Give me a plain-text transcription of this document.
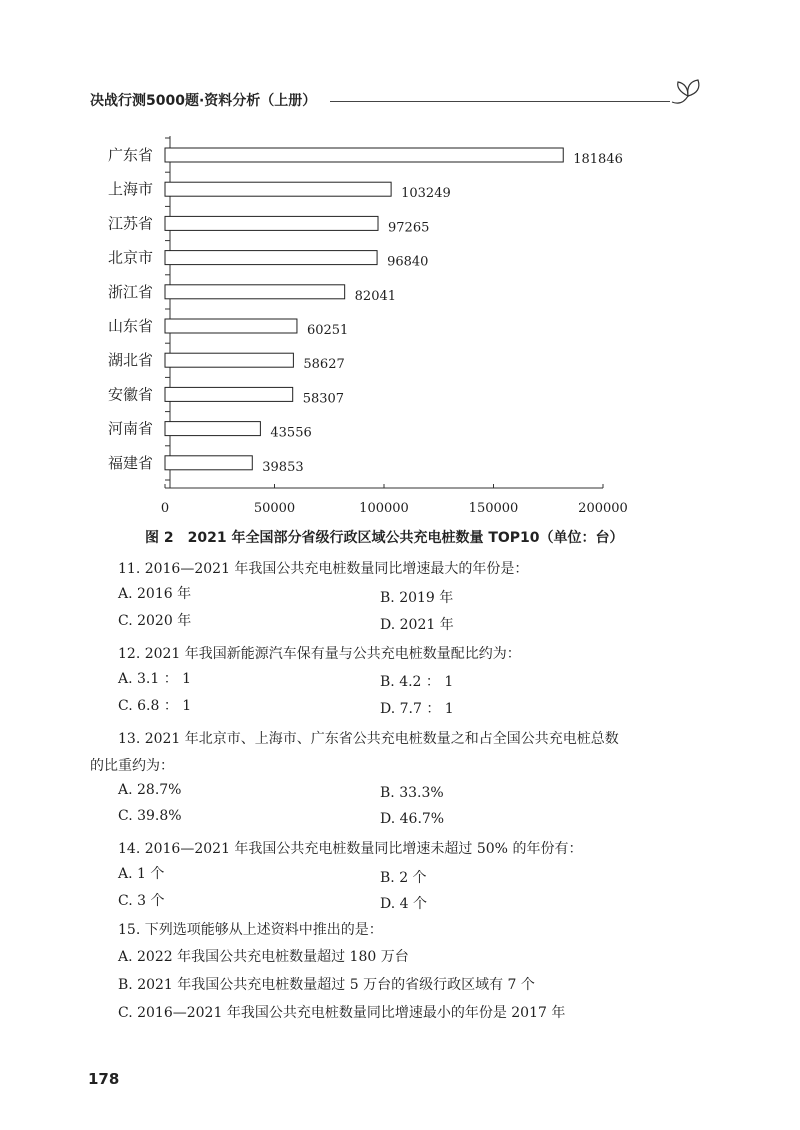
决战行测5000题·资料分析（上册）
广东省	181846
上海市	103249
江苏省	97265
北京市	96840
浙江省	82041
山东省	60251
湖北省	58627
安徽省	58307
河南省	43556
福建省	39853
0	50000	100000	150000	200000
图 2　2021 年全国部分省级行政区域公共充电桩数量 TOP10（单位：台）
11. 2016—2021 年我国公共充电桩数量同比增速最大的年份是：
A. 2016 年	B. 2019 年
C. 2020 年	D. 2021 年
12. 2021 年我国新能源汽车保有量与公共充电桩数量配比约为：
A. 3.1 ： 1	B. 4.2 ： 1
C. 6.8 ： 1	D. 7.7 ： 1
13. 2021 年北京市、上海市、广东省公共充电桩数量之和占全国公共充电桩总数
的比重约为：
A. 28.7%	B. 33.3%
C. 39.8%	D. 46.7%
14. 2016—2021 年我国公共充电桩数量同比增速未超过 50% 的年份有：
A. 1 个	B. 2 个
C. 3 个	D. 4 个
15. 下列选项能够从上述资料中推出的是：
A. 2022 年我国公共充电桩数量超过 180 万台
B. 2021 年我国公共充电桩数量超过 5 万台的省级行政区域有 7 个
C. 2016—2021 年我国公共充电桩数量同比增速最小的年份是 2017 年
178
